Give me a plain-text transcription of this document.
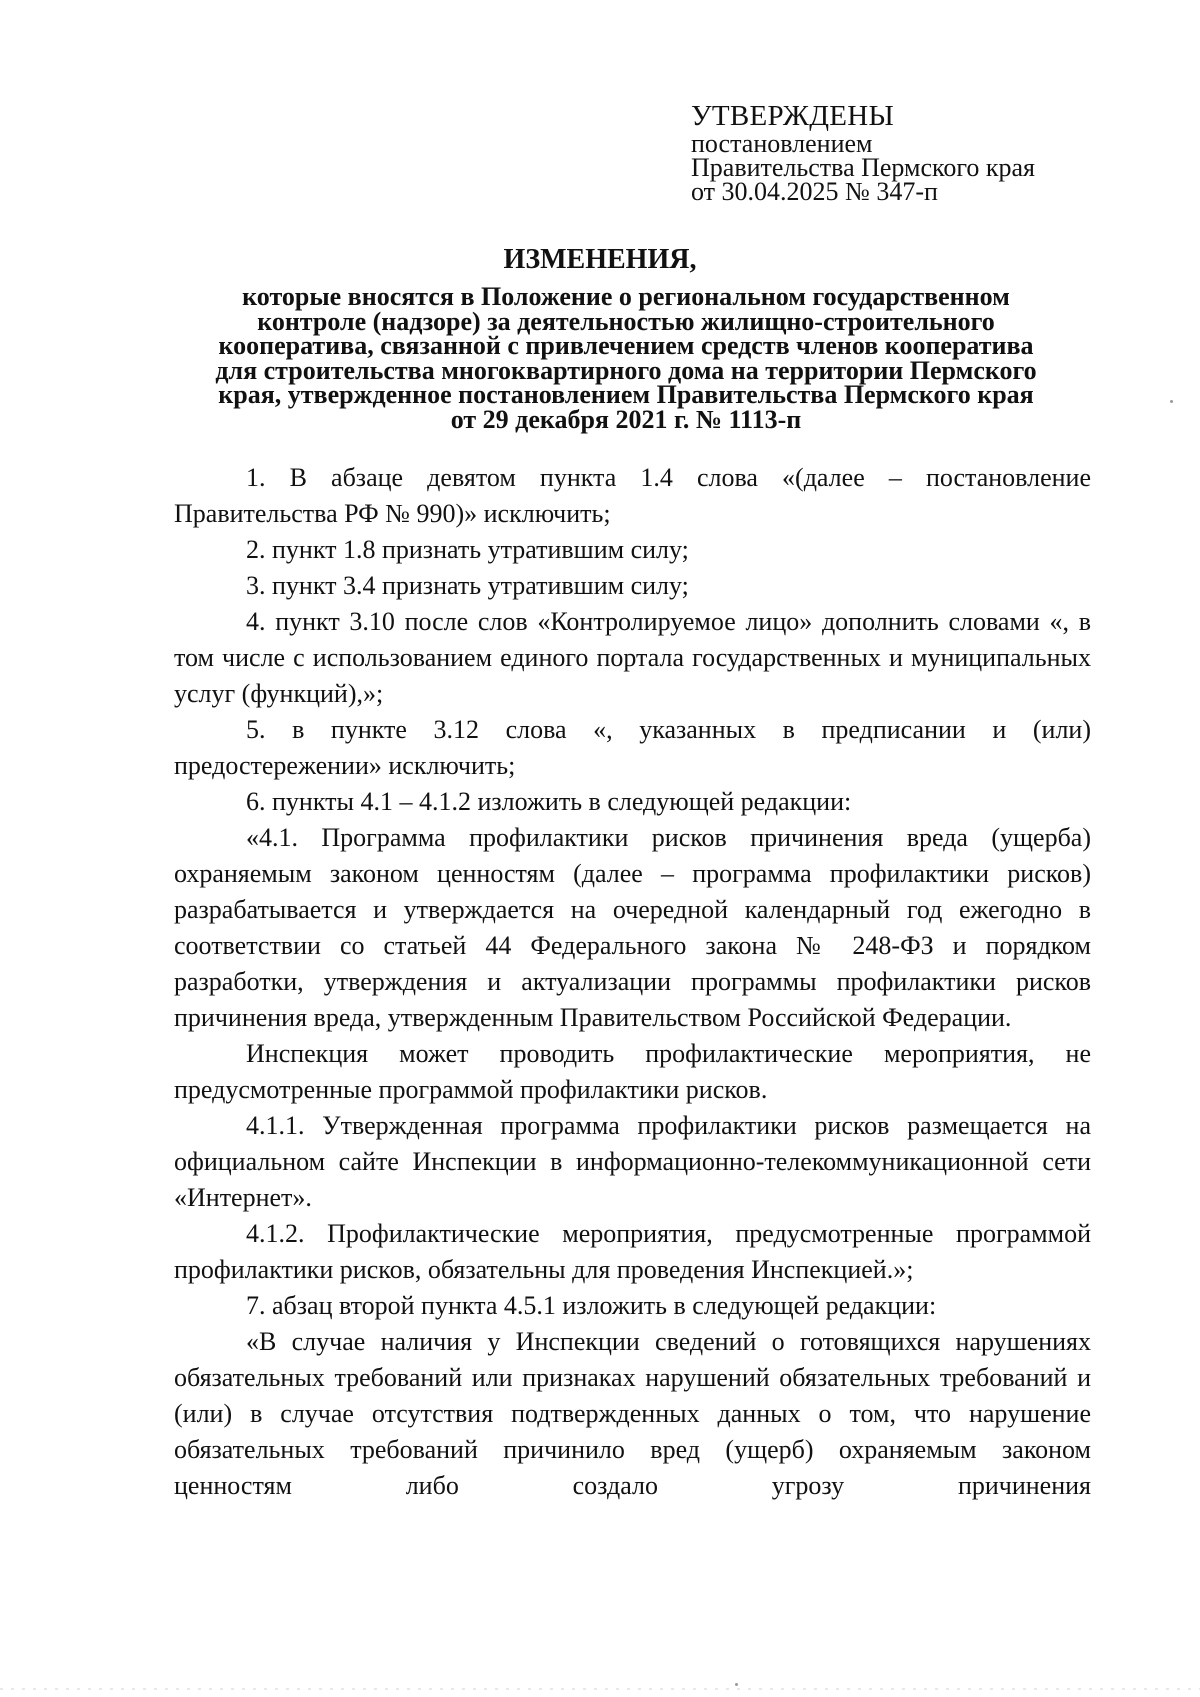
УТВЕРЖДЕНЫ
постановлением
Правительства Пермского края
от 30.04.2025 № 347-п
ИЗМЕНЕНИЯ,
которые вносятся в Положение о региональном государственном
контроле (надзоре) за деятельностью жилищно-строительного
кооператива, связанной с привлечением средств членов кооператива
для строительства многоквартирного дома на территории Пермского
края, утвержденное постановлением Правительства Пермского края
от 29 декабря 2021 г. № 1113-п

1. В абзаце девятом пункта 1.4 слова «(далее – постановление Правительства РФ № 990)» исключить;

2. пункт 1.8 признать утратившим силу;

3. пункт 3.4 признать утратившим силу;

4. пункт 3.10 после слов «Контролируемое лицо» дополнить словами «, в том числе с использованием единого портала государственных и муниципальных услуг (функций),»;

5. в пункте 3.12 слова «, указанных в предписании и (или) предостережении» исключить;

6. пункты 4.1 – 4.1.2 изложить в следующей редакции:

«4.1. Программа профилактики рисков причинения вреда (ущерба) охраняемым законом ценностям (далее – программа профилактики рисков) разрабатывается и утверждается на очередной календарный год ежегодно в соответствии со статьей 44 Федерального закона № 248-ФЗ и порядком разработки, утверждения и актуализации программы профилактики рисков причинения вреда, утвержденным Правительством Российской Федерации.

Инспекция может проводить профилактические мероприятия, не предусмотренные программой профилактики рисков.

4.1.1. Утвержденная программа профилактики рисков размещается на официальном сайте Инспекции в информационно-телекоммуникационной сети «Интернет».

4.1.2. Профилактические мероприятия, предусмотренные программой профилактики рисков, обязательны для проведения Инспекцией.»;

7. абзац второй пункта 4.5.1 изложить в следующей редакции:

«В случае наличия у Инспекции сведений о готовящихся нарушениях обязательных требований или признаках нарушений обязательных требований и (или) в случае отсутствия подтвержденных данных о том, что нарушение обязательных требований причинило вред (ущерб) охраняемым законом ценностям либо создало угрозу причинения
